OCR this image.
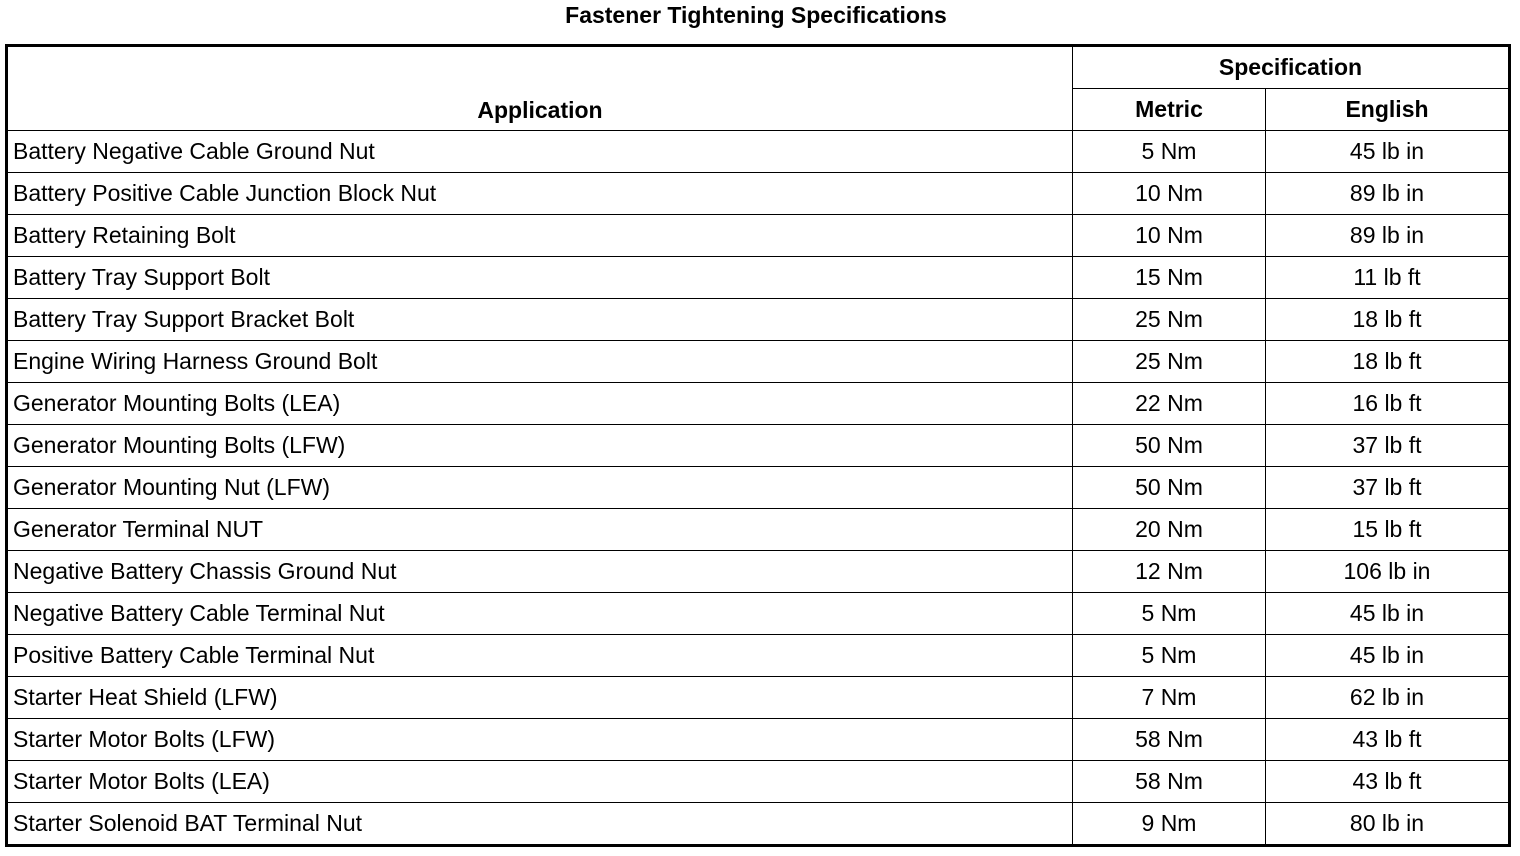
Fastener Tightening Specifications
Application	Specification	
	Metric	English
Battery Negative Cable Ground Nut	5 Nm	45 lb in
Battery Positive Cable Junction Block Nut	10 Nm	89 lb in
Battery Retaining Bolt	10 Nm	89 lb in
Battery Tray Support Bolt	15 Nm	11 lb ft
Battery Tray Support Bracket Bolt	25 Nm	18 lb ft
Engine Wiring Harness Ground Bolt	25 Nm	18 lb ft
Generator Mounting Bolts (LEA)	22 Nm	16 lb ft
Generator Mounting Bolts (LFW)	50 Nm	37 lb ft
Generator Mounting Nut (LFW)	50 Nm	37 lb ft
Generator Terminal NUT	20 Nm	15 lb ft
Negative Battery Chassis Ground Nut	12 Nm	106 lb in
Negative Battery Cable Terminal Nut	5 Nm	45 lb in
Positive Battery Cable Terminal Nut	5 Nm	45 lb in
Starter Heat Shield (LFW)	7 Nm	62 lb in
Starter Motor Bolts (LFW)	58 Nm	43 lb ft
Starter Motor Bolts (LEA)	58 Nm	43 lb ft
Starter Solenoid BAT Terminal Nut	9 Nm	80 lb in
